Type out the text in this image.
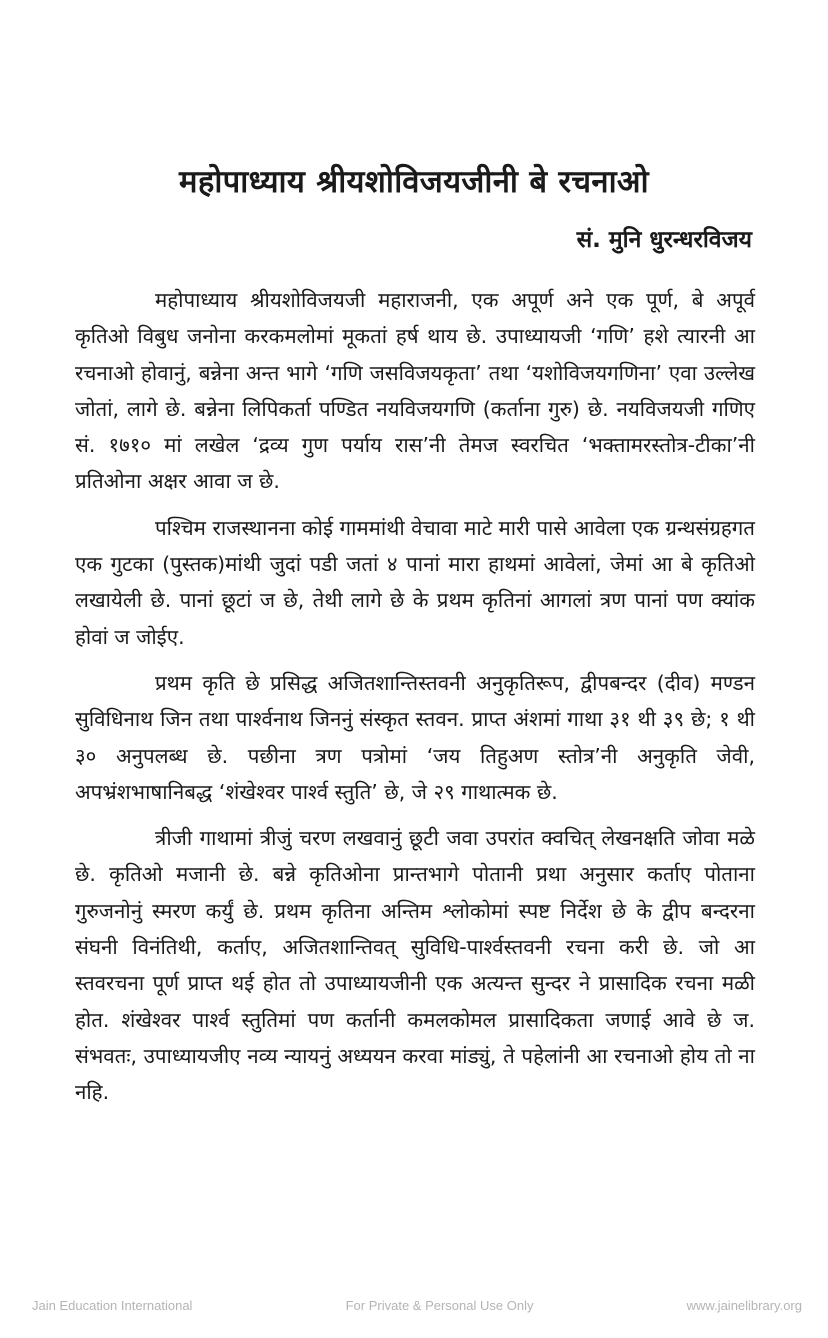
महोपाध्याय श्रीयशोविजयजीनी बे रचनाओ
सं. मुनि धुरन्धरविजय

महोपाध्याय श्रीयशोविजयजी महाराजनी, एक अपूर्ण अने एक पूर्ण, बे अपूर्व कृतिओ विबुध जनोना करकमलोमां मूकतां हर्ष थाय छे. उपाध्यायजी ‘गणि’ हशे त्यारनी आ रचनाओ होवानुं, बन्नेना अन्त भागे ‘गणि जसविजयकृता’ तथा ‘यशोविजयगणिना’ एवा उल्लेख जोतां, लागे छे. बन्नेना लिपिकर्ता पण्डित नयविजयगणि (कर्ताना गुरु) छे. नयविजयजी गणिए सं. १७१० मां लखेल ‘द्रव्य गुण पर्याय रास’नी तेमज स्वरचित ‘भक्तामरस्तोत्र-टीका’नी प्रतिओना अक्षर आवा ज छे.

पश्चिम राजस्थानना कोई गाममांथी वेचावा माटे मारी पासे आवेला एक ग्रन्थसंग्रहगत एक गुटका (पुस्तक)मांथी जुदां पडी जतां ४ पानां मारा हाथमां आवेलां, जेमां आ बे कृतिओ लखायेली छे. पानां छूटां ज छे, तेथी लागे छे के प्रथम कृतिनां आगलां त्रण पानां पण क्यांक होवां ज जोईए.

प्रथम कृति छे प्रसिद्ध अजितशान्तिस्तवनी अनुकृतिरूप, द्वीपबन्दर (दीव) मण्डन सुविधिनाथ जिन तथा पार्श्वनाथ जिननुं संस्कृत स्तवन. प्राप्त अंशमां गाथा ३१ थी ३९ छे; १ थी ३० अनुपलब्ध छे. पछीना त्रण पत्रोमां ‘जय तिहुअण स्तोत्र’नी अनुकृति जेवी, अपभ्रंशभाषानिबद्ध ‘शंखेश्वर पार्श्व स्तुति’ छे, जे २९ गाथात्मक छे.

त्रीजी गाथामां त्रीजुं चरण लखवानुं छूटी जवा उपरांत क्वचित् लेखनक्षति जोवा मळे छे. कृतिओ मजानी छे. बन्ने कृतिओना प्रान्तभागे पोतानी प्रथा अनुसार कर्ताए पोताना गुरुजनोनुं स्मरण कर्युं छे. प्रथम कृतिना अन्तिम श्लोकोमां स्पष्ट निर्देश छे के द्वीप बन्दरना संघनी विनंतिथी, कर्ताए, अजितशान्तिवत् सुविधि-पार्श्वस्तवनी रचना करी छे. जो आ स्तवरचना पूर्ण प्राप्त थई होत तो उपाध्यायजीनी एक अत्यन्त सुन्दर ने प्रासादिक रचना मळी होत. शंखेश्वर पार्श्व स्तुतिमां पण कर्तानी कमलकोमल प्रासादिकता जणाई आवे छे ज. संभवतः, उपाध्यायजीए नव्य न्यायनुं अध्ययन करवा मांड्युं, ते पहेलांनी आ रचनाओ होय तो ना नहि.

Jain Education International	For Private & Personal Use Only	www.jainelibrary.org
